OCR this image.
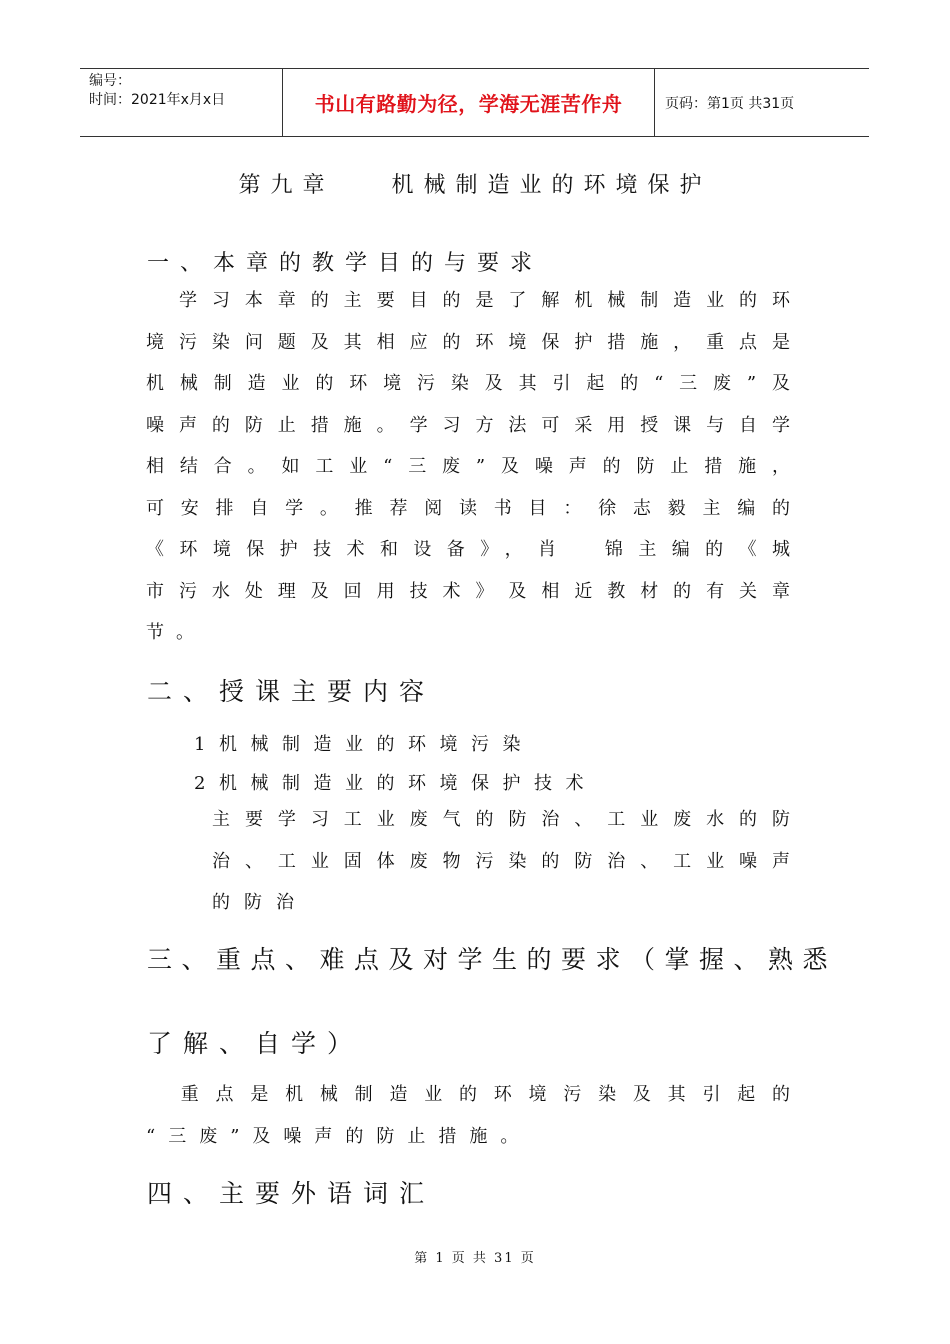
编号：
时间：2021年x月x日	书山有路勤为径，学海无涯苦作舟	页码：第1页 共31页
第九章 机械制造业的环境保护
一、本章的教学目的与要求
　学习本章的主要目的是了解机械制造业的环
境污染问题及其相应的环境保护措施，重点是
机械制造业的环境污染及其引起的“三废”及
噪声的防止措施。学习方法可采用授课与自学
相结合。如工业“三废”及噪声的防止措施，
可安排自学。推荐阅读书目：徐志毅主编的
《环境保护技术和设备》，肖　锦主编的《城
市污水处理及回用技术》及相近教材的有关章
节。
二、授课主要内容
1机械制造业的环境污染
2机械制造业的环境保护技术
主要学习工业废气的防治、工业废水的防
治、工业固体废物污染的防治、工业噪声
的防治
三、重点、难点及对学生的要求（掌握、熟悉
了解、自学）
　重点是机械制造业的环境污染及其引起的
“三废”及噪声的防止措施。
四、主要外语词汇
第 1 页 共 31 页
